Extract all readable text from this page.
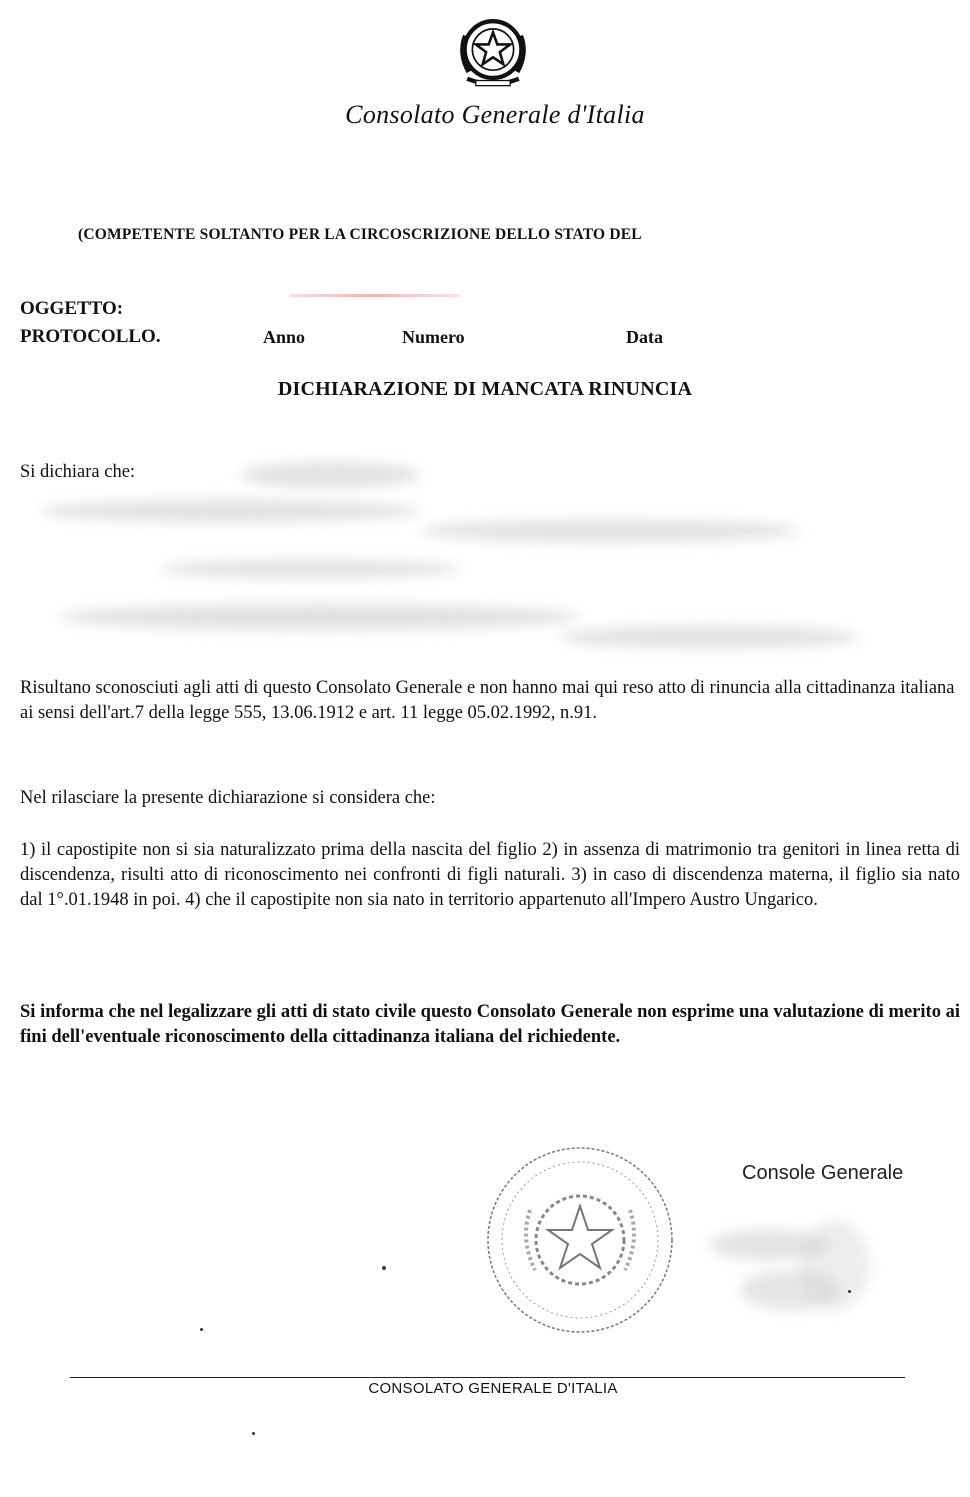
Consolato Generale d'Italia
(COMPETENTE SOLTANTO PER LA CIRCOSCRIZIONE DELLO STATO DEL
OGGETTO:
PROTOCOLLO.	Anno	Numero	Data
DICHIARAZIONE DI MANCATA RINUNCIA
Si dichiara che:
Risultano sconosciuti agli atti di questo Consolato Generale e non hanno mai qui reso atto di rinuncia alla cittadinanza italiana ai sensi dell'art.7 della legge 555, 13.06.1912 e art. 11 legge 05.02.1992, n.91.
Nel rilasciare la presente dichiarazione si considera che:
1) il capostipite non si sia naturalizzato prima della nascita del figlio 2) in assenza di matrimonio tra genitori in linea retta di discendenza, risulti atto di riconoscimento nei confronti di figli naturali. 3) in caso di discendenza materna, il figlio sia nato dal 1°.01.1948 in poi. 4) che il capostipite non sia nato in territorio appartenuto all'Impero Austro Ungarico.
Si informa che nel legalizzare gli atti di stato civile questo Consolato Generale non esprime una valutazione di merito ai fini dell'eventuale riconoscimento della cittadinanza italiana del richiedente.
Console Generale
CONSOLATO GENERALE D'ITALIA
